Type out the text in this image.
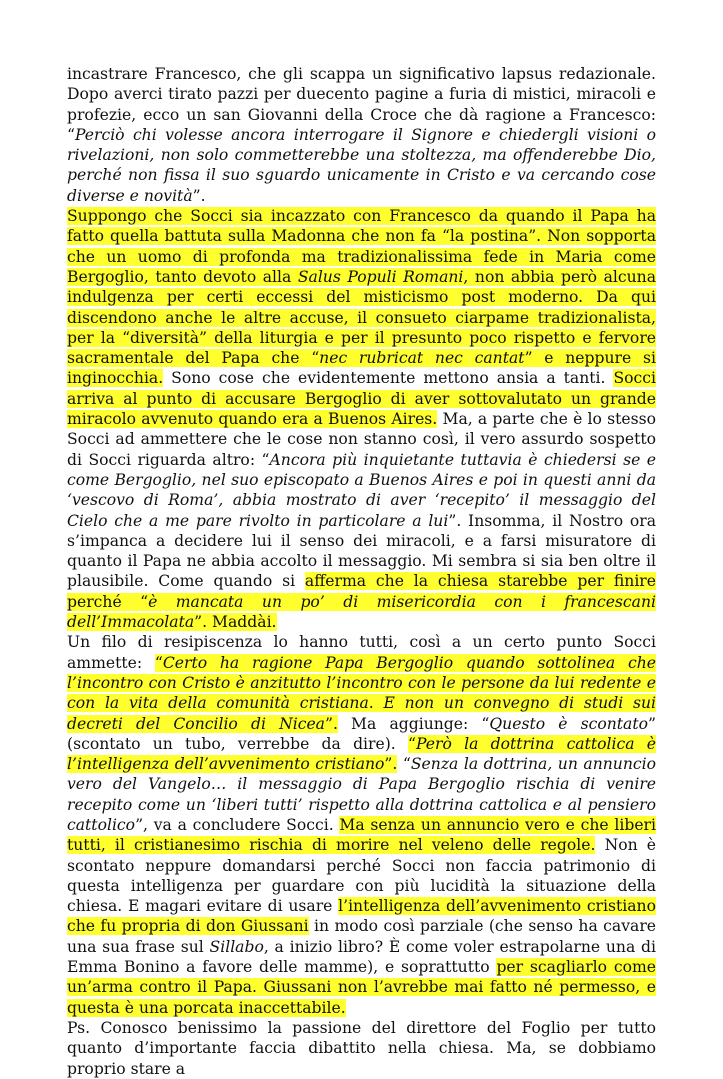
incastrare Francesco, che gli scappa un significativo lapsus redazionale. Dopo averci tirato pazzi per duecento pagine a furia di mistici, miracoli e profezie, ecco un san Giovanni della Croce che dà ragione a Francesco: “Perciò chi volesse ancora interrogare il Signore e chiedergli visioni o rivelazioni, non solo commetterebbe una stoltezza, ma offenderebbe Dio, perché non fissa il suo sguardo unicamente in Cristo e va cercando cose diverse e novità”.

Suppongo che Socci sia incazzato con Francesco da quando il Papa ha fatto quella battuta sulla Madonna che non fa “la postina”. Non sopporta che un uomo di profonda ma tradizionalissima fede in Maria come Bergoglio, tanto devoto alla Salus Populi Romani, non abbia però alcuna indulgenza per certi eccessi del misticismo post moderno. Da qui discendono anche le altre accuse, il consueto ciarpame tradizionalista, per la “diversità” della liturgia e per il presunto poco rispetto e fervore sacramentale del Papa che “nec rubricat nec cantat” e neppure si inginocchia. Sono cose che evidentemente mettono ansia a tanti. Socci arriva al punto di accusare Bergoglio di aver sottovalutato un grande miracolo avvenuto quando era a Buenos Aires. Ma, a parte che è lo stesso Socci ad ammettere che le cose non stanno così, il vero assurdo sospetto di Socci riguarda altro: “Ancora più inquietante tuttavia è chiedersi se e come Bergoglio, nel suo episcopato a Buenos Aires e poi in questi anni da ‘vescovo di Roma’, abbia mostrato di aver ‘recepito’ il messaggio del Cielo che a me pare rivolto in particolare a lui”. Insomma, il Nostro ora s’impanca a decidere lui il senso dei miracoli, e a farsi misuratore di quanto il Papa ne abbia accolto il messaggio. Mi sembra si sia ben oltre il plausibile. Come quando si afferma che la chiesa starebbe per finire perché “è mancata un po’ di misericordia con i francescani dell’Immacolata”. Maddài.

Un filo di resipiscenza lo hanno tutti, così a un certo punto Socci ammette: “Certo ha ragione Papa Bergoglio quando sottolinea che l’incontro con Cristo è anzitutto l’incontro con le persone da lui redente e con la vita della comunità cristiana. E non un convegno di studi sui decreti del Concilio di Nicea”. Ma aggiunge: “Questo è scontato” (scontato un tubo, verrebbe da dire). “Però la dottrina cattolica è l’intelligenza dell’avvenimento cristiano”. “Senza la dottrina, un annuncio vero del Vangelo… il messaggio di Papa Bergoglio rischia di venire recepito come un ‘liberi tutti’ rispetto alla dottrina cattolica e al pensiero cattolico”, va a concludere Socci. Ma senza un annuncio vero e che liberi tutti, il cristianesimo rischia di morire nel veleno delle regole. Non è scontato neppure domandarsi perché Socci non faccia patrimonio di questa intelligenza per guardare con più lucidità la situazione della chiesa. E magari evitare di usare l’intelligenza dell’avvenimento cristiano che fu propria di don Giussani in modo così parziale (che senso ha cavare una sua frase sul Sillabo, a inizio libro? È come voler estrapolarne una di Emma Bonino a favore delle mamme), e soprattutto per scagliarlo come un’arma contro il Papa. Giussani non l’avrebbe mai fatto né permesso, e questa è una porcata inaccettabile.

Ps. Conosco benissimo la passione del direttore del Foglio per tutto quanto d’importante faccia dibattito nella chiesa. Ma, se dobbiamo proprio stare a
